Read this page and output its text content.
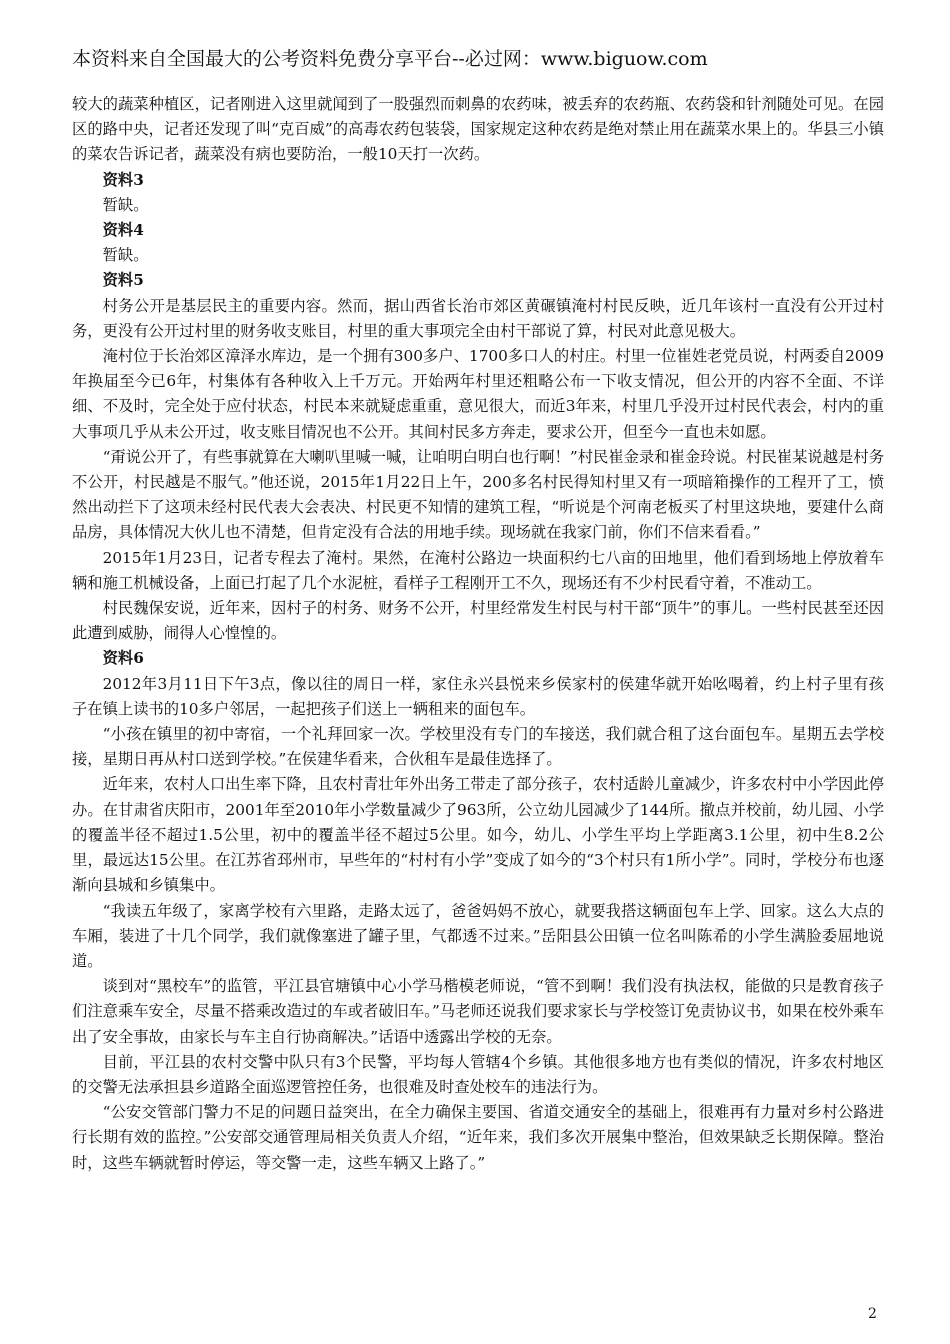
本资料来自全国最大的公考资料免费分享平台--必过网：www.biguow.com

较大的蔬菜种植区，记者刚进入这里就闻到了一股强烈而刺鼻的农药味，被丢弃的农药瓶、农药袋和针剂随处可见。在园区的路中央，记者还发现了叫“克百威”的高毒农药包装袋，国家规定这种农药是绝对禁止用在蔬菜水果上的。华县三小镇的菜农告诉记者，蔬菜没有病也要防治，一般10天打一次药。

资料3

暂缺。

资料4

暂缺。

资料5

村务公开是基层民主的重要内容。然而，据山西省长治市郊区黄碾镇淹村村民反映，近几年该村一直没有公开过村务，更没有公开过村里的财务收支账目，村里的重大事项完全由村干部说了算，村民对此意见极大。

淹村位于长治郊区漳泽水库边，是一个拥有300多户、1700多口人的村庄。村里一位崔姓老党员说，村两委自2009年换届至今已6年，村集体有各种收入上千万元。开始两年村里还粗略公布一下收支情况，但公开的内容不全面、不详细、不及时，完全处于应付状态，村民本来就疑虑重重，意见很大，而近3年来，村里几乎没开过村民代表会，村内的重大事项几乎从未公开过，收支账目情况也不公开。其间村民多方奔走，要求公开，但至今一直也未如愿。

“甭说公开了，有些事就算在大喇叭里喊一喊，让咱明白明白也行啊！”村民崔金录和崔金玲说。村民崔某说越是村务不公开，村民越是不服气。”他还说，2015年1月22日上午，200多名村民得知村里又有一项暗箱操作的工程开了工，愤然出动拦下了这项未经村民代表大会表决、村民更不知情的建筑工程，“听说是个河南老板买了村里这块地，要建什么商品房，具体情况大伙儿也不清楚，但肯定没有合法的用地手续。现场就在我家门前，你们不信来看看。”

2015年1月23日，记者专程去了淹村。果然，在淹村公路边一块面积约七八亩的田地里，他们看到场地上停放着车辆和施工机械设备，上面已打起了几个水泥桩，看样子工程刚开工不久，现场还有不少村民看守着，不准动工。

村民魏保安说，近年来，因村子的村务、财务不公开，村里经常发生村民与村干部“顶牛”的事儿。一些村民甚至还因此遭到威胁，闹得人心惶惶的。

资料6

2012年3月11日下午3点，像以往的周日一样，家住永兴县悦来乡侯家村的侯建华就开始吆喝着，约上村子里有孩子在镇上读书的10多户邻居，一起把孩子们送上一辆租来的面包车。

“小孩在镇里的初中寄宿，一个礼拜回家一次。学校里没有专门的车接送，我们就合租了这台面包车。星期五去学校接，星期日再从村口送到学校。”在侯建华看来，合伙租车是最佳选择了。

近年来，农村人口出生率下降，且农村青壮年外出务工带走了部分孩子，农村适龄儿童减少，许多农村中小学因此停办。在甘肃省庆阳市，2001年至2010年小学数量减少了963所，公立幼儿园减少了144所。撤点并校前，幼儿园、小学的覆盖半径不超过1.5公里，初中的覆盖半径不超过5公里。如今，幼儿、小学生平均上学距离3.1公里，初中生8.2公里，最远达15公里。在江苏省邳州市，早些年的“村村有小学”变成了如今的“3个村只有1所小学”。同时，学校分布也逐渐向县城和乡镇集中。

“我读五年级了，家离学校有六里路，走路太远了，爸爸妈妈不放心，就要我搭这辆面包车上学、回家。这么大点的车厢，装进了十几个同学，我们就像塞进了罐子里，气都透不过来。”岳阳县公田镇一位名叫陈希的小学生满脸委屈地说道。

谈到对“黑校车”的监管，平江县官塘镇中心小学马楷模老师说，“管不到啊！我们没有执法权，能做的只是教育孩子们注意乘车安全，尽量不搭乘改造过的车或者破旧车。”马老师还说我们要求家长与学校签订免责协议书，如果在校外乘车出了安全事故，由家长与车主自行协商解决。”话语中透露出学校的无奈。

目前，平江县的农村交警中队只有3个民警，平均每人管辖4个乡镇。其他很多地方也有类似的情况，许多农村地区的交警无法承担县乡道路全面巡逻管控任务，也很难及时查处校车的违法行为。

“公安交管部门警力不足的问题日益突出，在全力确保主要国、省道交通安全的基础上，很难再有力量对乡村公路进行长期有效的监控。”公安部交通管理局相关负责人介绍，“近年来，我们多次开展集中整治，但效果缺乏长期保障。整治时，这些车辆就暂时停运，等交警一走，这些车辆又上路了。”

2
